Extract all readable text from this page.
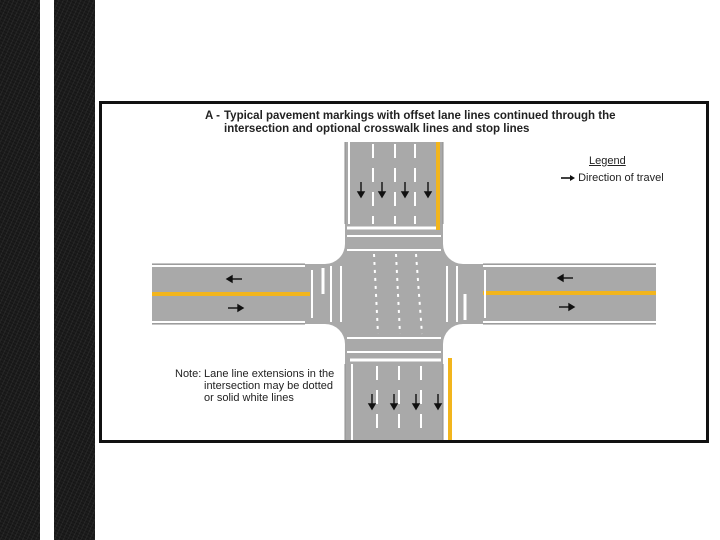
A - Typical pavement markings with offset lane lines continued through the
intersection and optional crosswalk lines and stop lines
Legend
Direction of travel
Note: Lane line extensions in the
intersection may be dotted
or solid white lines
